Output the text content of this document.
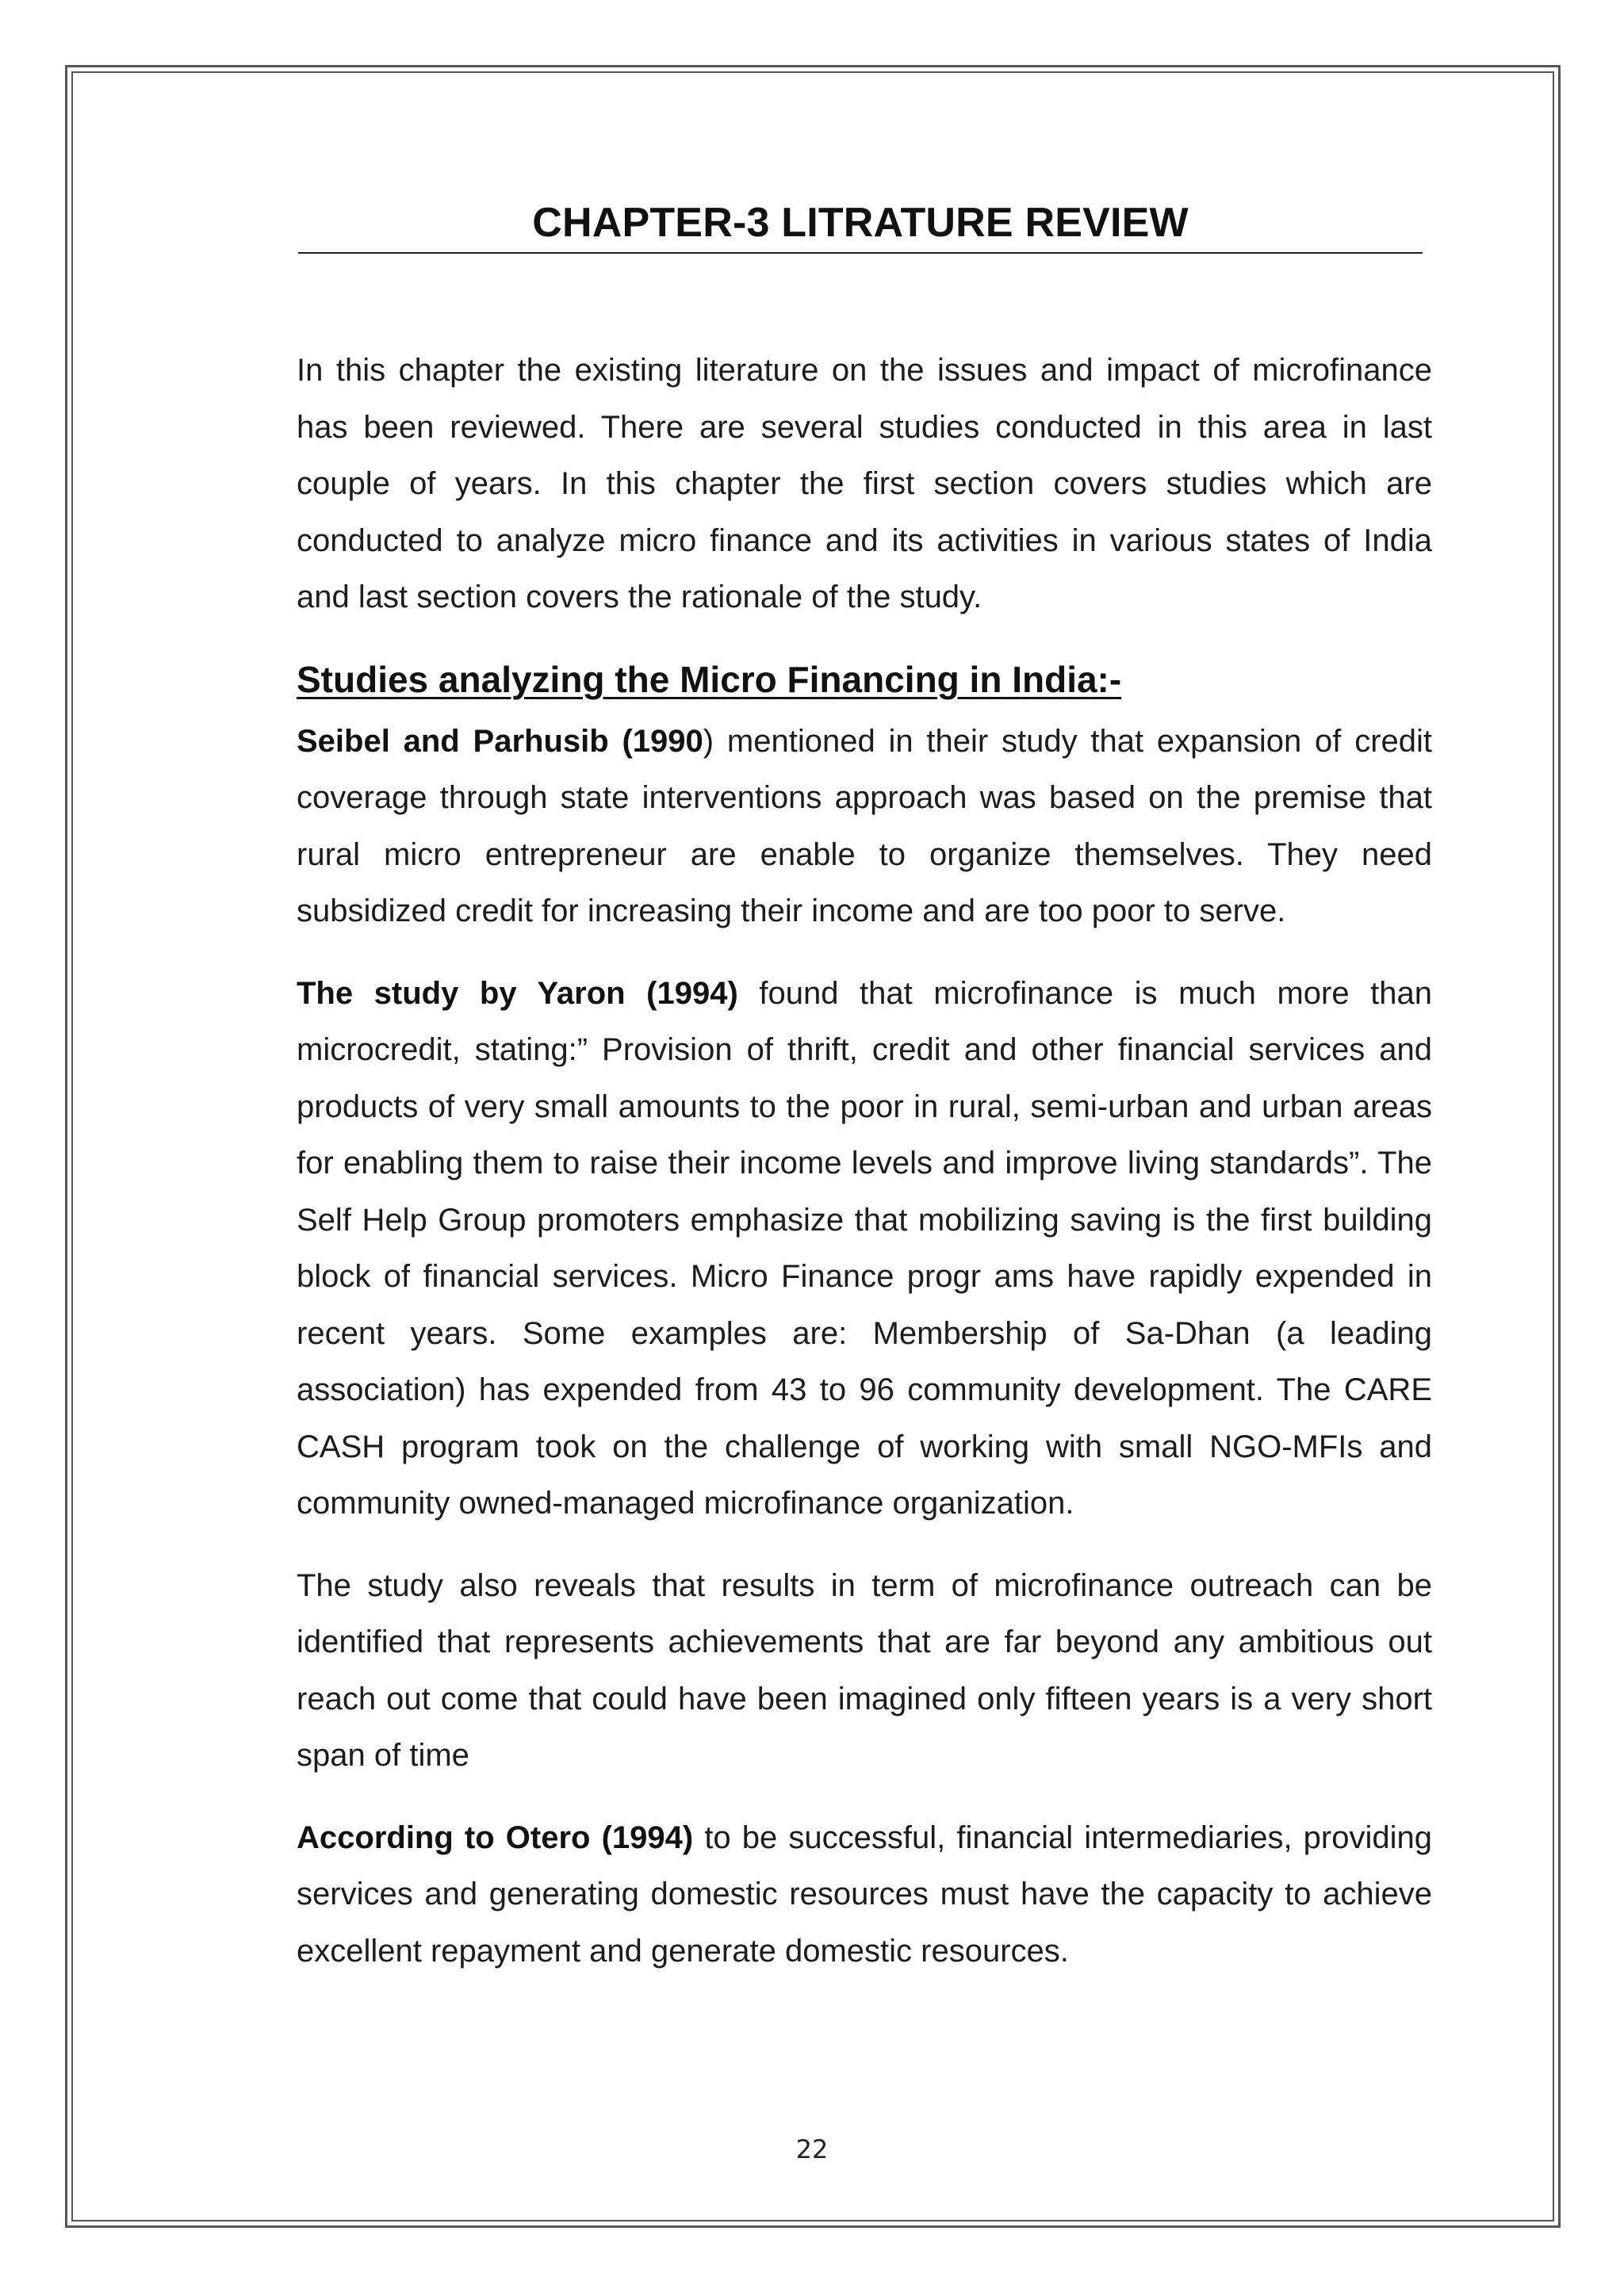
CHAPTER-3 LITRATURE REVIEW

In this chapter the existing literature on the issues and impact of microfinance has been reviewed. There are several studies conducted in this area in last couple of years. In this chapter the first section covers studies which are conducted to analyze micro finance and its activities in various states of India and last section covers the rationale of the study.

Studies analyzing the Micro Financing in India:-

Seibel and Parhusib (1990) mentioned in their study that expansion of credit coverage through state interventions approach was based on the premise that rural micro entrepreneur are enable to organize themselves. They need subsidized credit for increasing their income and are too poor to serve.

The study by Yaron (1994) found that microfinance is much more than microcredit, stating:” Provision of thrift, credit and other financial services and products of very small amounts to the poor in rural, semi-urban and urban areas for enabling them to raise their income levels and improve living standards”. The Self Help Group promoters emphasize that mobilizing saving is the first building block of financial services. Micro Finance progr ams have rapidly expended in recent years. Some examples are: Membership of Sa-Dhan (a leading association) has expended from 43 to 96 community development. The CARE CASH program took on the challenge of working with small NGO-MFIs and community owned-managed microfinance organization.

The study also reveals that results in term of microfinance outreach can be identified that represents achievements that are far beyond any ambitious out reach out come that could have been imagined only fifteen years is a very short span of time

According to Otero (1994) to be successful, financial intermediaries, providing services and generating domestic resources must have the capacity to achieve excellent repayment and generate domestic resources.

22
